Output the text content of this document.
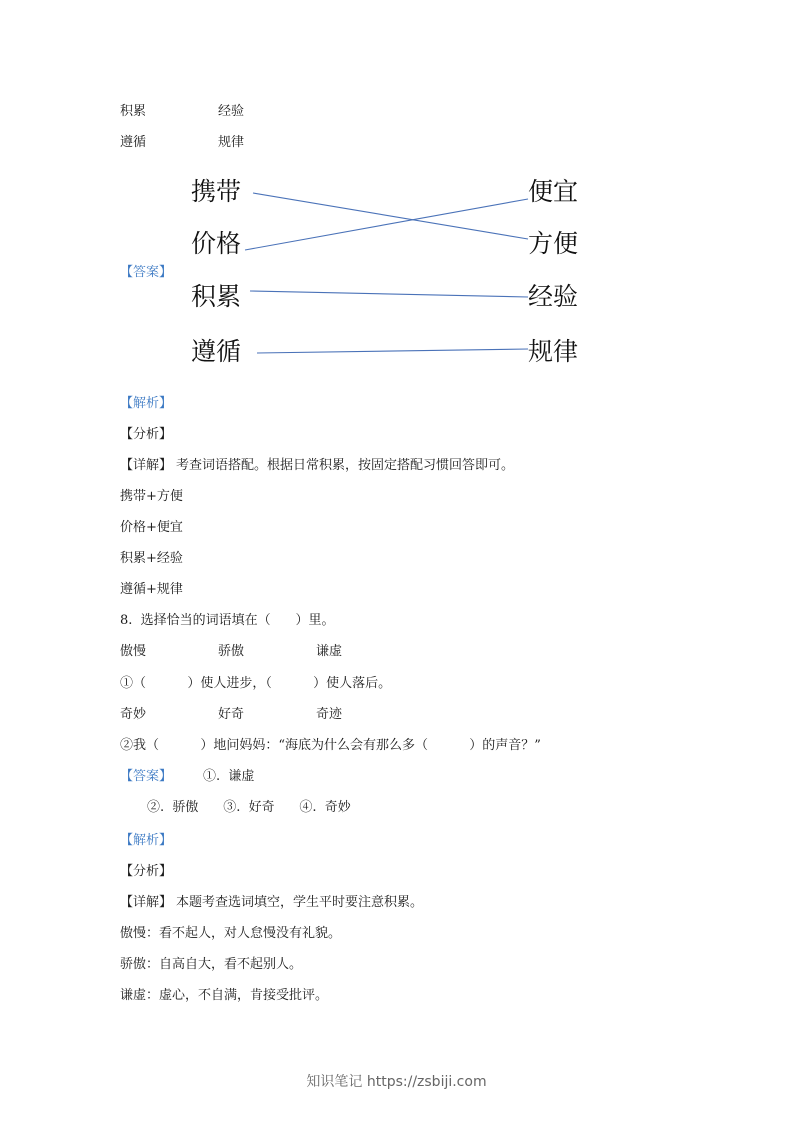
积累	经验
遵循	规律
【答案】
携带
价格
积累
遵循
便宜
方便
经验
规律
【解析】
【分析】
【详解】 考查词语搭配。根据日常积累，按固定搭配习惯回答即可。
携带+方便
价格+便宜
积累+经验
遵循+规律
8.  选择恰当的词语填在（      ）里。
傲慢	骄傲	谦虚
①（          ）使人进步，（          ）使人落后。
奇妙	好奇	奇迹
②我（          ）地问妈妈：“海底为什么会有那么多（          ）的声音？”
【答案】 ①.  谦虚
②.  骄傲      ③.  好奇      ④.  奇妙
【解析】
【分析】
【详解】 本题考查选词填空，学生平时要注意积累。
傲慢：看不起人，对人怠慢没有礼貌。
骄傲：自高自大，看不起别人。
谦虚：虚心，不自满，肯接受批评。
知识笔记 https://zsbiji.com
